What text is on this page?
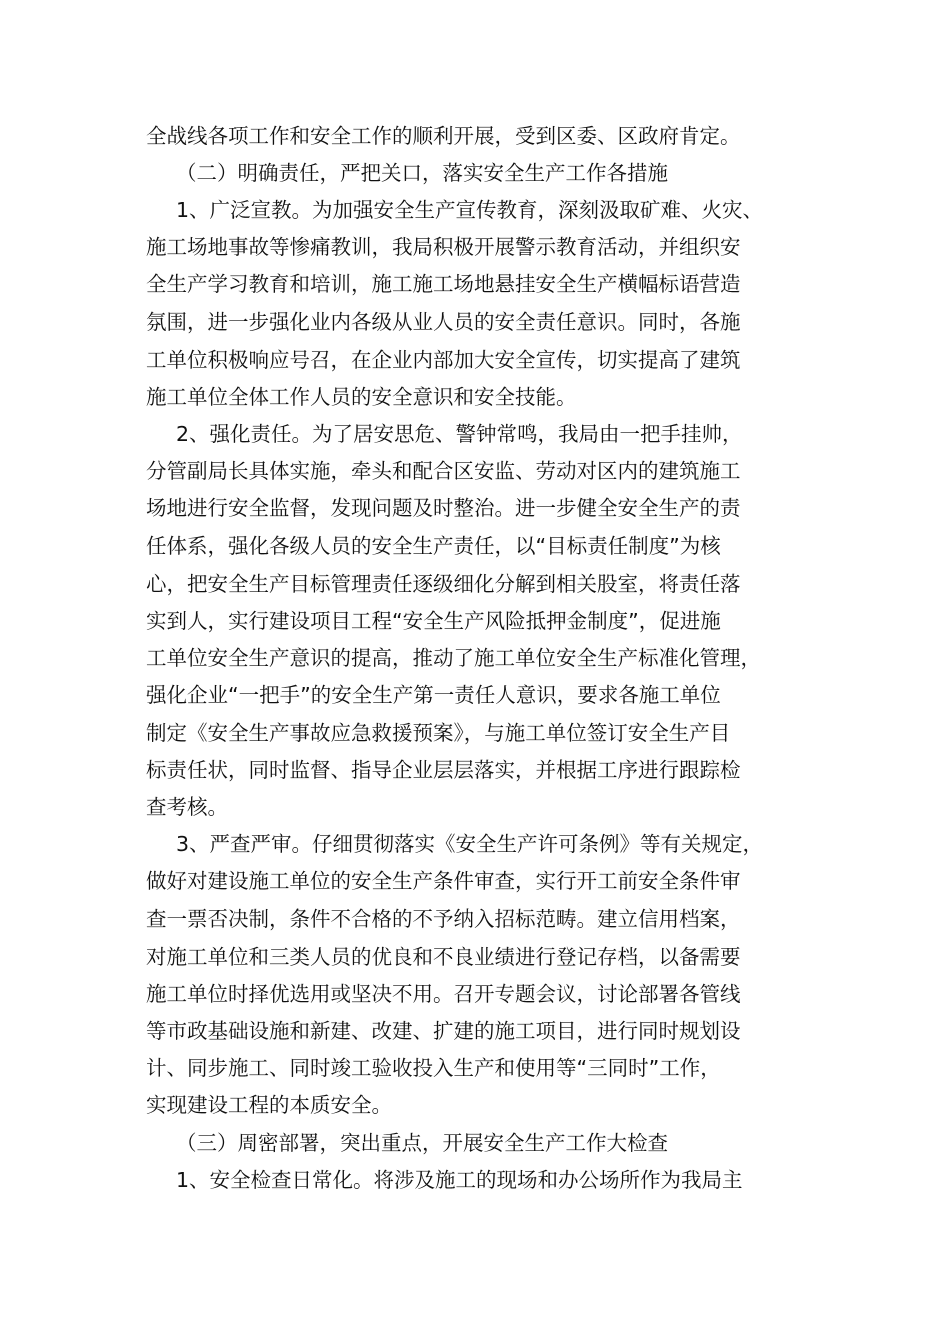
全战线各项工作和安全工作的顺利开展，受到区委、区政府肯定。
（二）明确责任，严把关口，落实安全生产工作各措施
1、广泛宣教。为加强安全生产宣传教育，深刻汲取矿难、火灾、
施工场地事故等惨痛教训，我局积极开展警示教育活动，并组织安
全生产学习教育和培训，施工施工场地悬挂安全生产横幅标语营造
氛围，进一步强化业内各级从业人员的安全责任意识。同时，各施
工单位积极响应号召，在企业内部加大安全宣传，切实提高了建筑
施工单位全体工作人员的安全意识和安全技能。
2、强化责任。为了居安思危、警钟常鸣，我局由一把手挂帅，
分管副局长具体实施，牵头和配合区安监、劳动对区内的建筑施工
场地进行安全监督，发现问题及时整治。进一步健全安全生产的责
任体系，强化各级人员的安全生产责任，以“目标责任制度”为核
心，把安全生产目标管理责任逐级细化分解到相关股室，将责任落
实到人，实行建设项目工程“安全生产风险抵押金制度”，促进施
工单位安全生产意识的提高，推动了施工单位安全生产标准化管理，
强化企业“一把手”的安全生产第一责任人意识，要求各施工单位
制定《安全生产事故应急救援预案》，与施工单位签订安全生产目
标责任状，同时监督、指导企业层层落实，并根据工序进行跟踪检
查考核。
3、严查严审。仔细贯彻落实《安全生产许可条例》等有关规定，
做好对建设施工单位的安全生产条件审查，实行开工前安全条件审
查一票否决制，条件不合格的不予纳入招标范畴。建立信用档案，
对施工单位和三类人员的优良和不良业绩进行登记存档，以备需要
施工单位时择优选用或坚决不用。召开专题会议，讨论部署各管线
等市政基础设施和新建、改建、扩建的施工项目，进行同时规划设
计、同步施工、同时竣工验收投入生产和使用等“三同时”工作，
实现建设工程的本质安全。
（三）周密部署，突出重点，开展安全生产工作大检查
1、安全检查日常化。将涉及施工的现场和办公场所作为我局主
